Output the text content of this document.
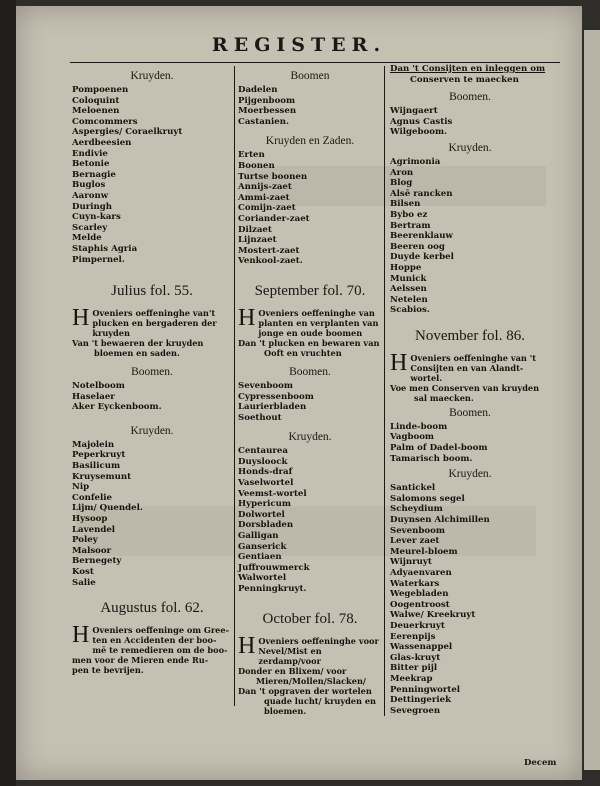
REGISTER.
Kruyden.
Pompoenen
Coloquint
Meloenen
Comcommers
Aspergies/ Coraelkruyt
Aerdbeesien
Endivie
Betonie
Bernagie
Buglos
Aaronw
Duringh
Cuyn-kars
Scarley
Melde
Staphis Agria
Pimpernel.
Julius fol. 55.
H Oveniers oeffeninghe van't
plucken en bergaderen der
kruyden
Van 't bewaeren der kruyden
bloemen en saden.
Boomen.
Notelboom
Haselaer
Aker Eyckenboom.
Kruyden.
Majolein
Peperkruyt
Basilicum
Kruysemunt
Nip
Confelie
Lijm/ Quendel.
Hysoop
Lavendel
Poley
Malsoor
Bernegety
Kost
Salie
Augustus fol. 62.
H Oveniers oeffeninge om Gree-
ten en Accidenten der boo-
mē te remedieren om de boo-
men voor de Mieren ende Ru-
pen te bevrijen.
Boomen
Dadelen
Pijgenboom
Moerbessen
Castanien.
Kruyden en Zaden.
Erten
Boonen
Turtse boonen
Annijs-zaet
Ammi-zaet
Comijn-zaet
Coriander-zaet
Dilzaet
Lijnzaet
Mostert-zaet
Venkool-zaet.
September fol. 70.
H Oveniers oeffeninghe van
planten en verplanten van
jonge en oude boomen
Dan 't plucken en bewaren van
Ooft en vruchten
Boomen.
Sevenboom
Cypressenboom
Laurierbladen
Soethout
Kruyden.
Centaurea
Duysloock
Honds-draf
Vaselwortel
Veemst-wortel
Hypericum
Dolwortel
Dorsbladen
Galligan
Ganserick
Gentiaen
Juffrouwmerck
Walwortel
Penningkruyt.
October fol. 78.
H Oveniers oeffeninghe voor
Nevel/Mist en zerdamp/voor
Donder en Blixem/ voor
Mieren/Mollen/Slacken/
Dan 't opgraven der wortelen
quade lucht/ kruyden en
bloemen.
Dan 't Consijten en inleggen om
Conserven te maecken
Boomen.
Wijngaert
Agnus Castis
Wilgeboom.
Kruyden.
Agrimonia
Aron
Blog
Alsē rancken
Bilsen
Bybo ez
Bertram
Beerenklauw
Beeren oog
Duyde kerbel
Hoppe
Munick
Aelssen
Netelen
Scabios.
November fol. 86.
H Oveniers oeffeninghe van 't
Consijten en van Alandt-
wortel.
Voe men Conserven van kruyden
sal maecken.
Boomen.
Linde-boom
Vagboom
Palm of Dadel-boom
Tamarisch boom.
Kruyden.
Santickel
Salomons segel
Scheydium
Duynsen Alchimillen
Sevenboom
Lever zaet
Meurel-bloem
Wijnruyt
Adyaenvaren
Waterkars
Wegebladen
Oogentroost
Walwe/ Kreekruyt
Deuerkruyt
Eerenpijs
Wassenappel
Glas-kruyt
Bitter pijl
Meekrap
Penningwortel
Dettingeriek
Sevegroen
Decem
